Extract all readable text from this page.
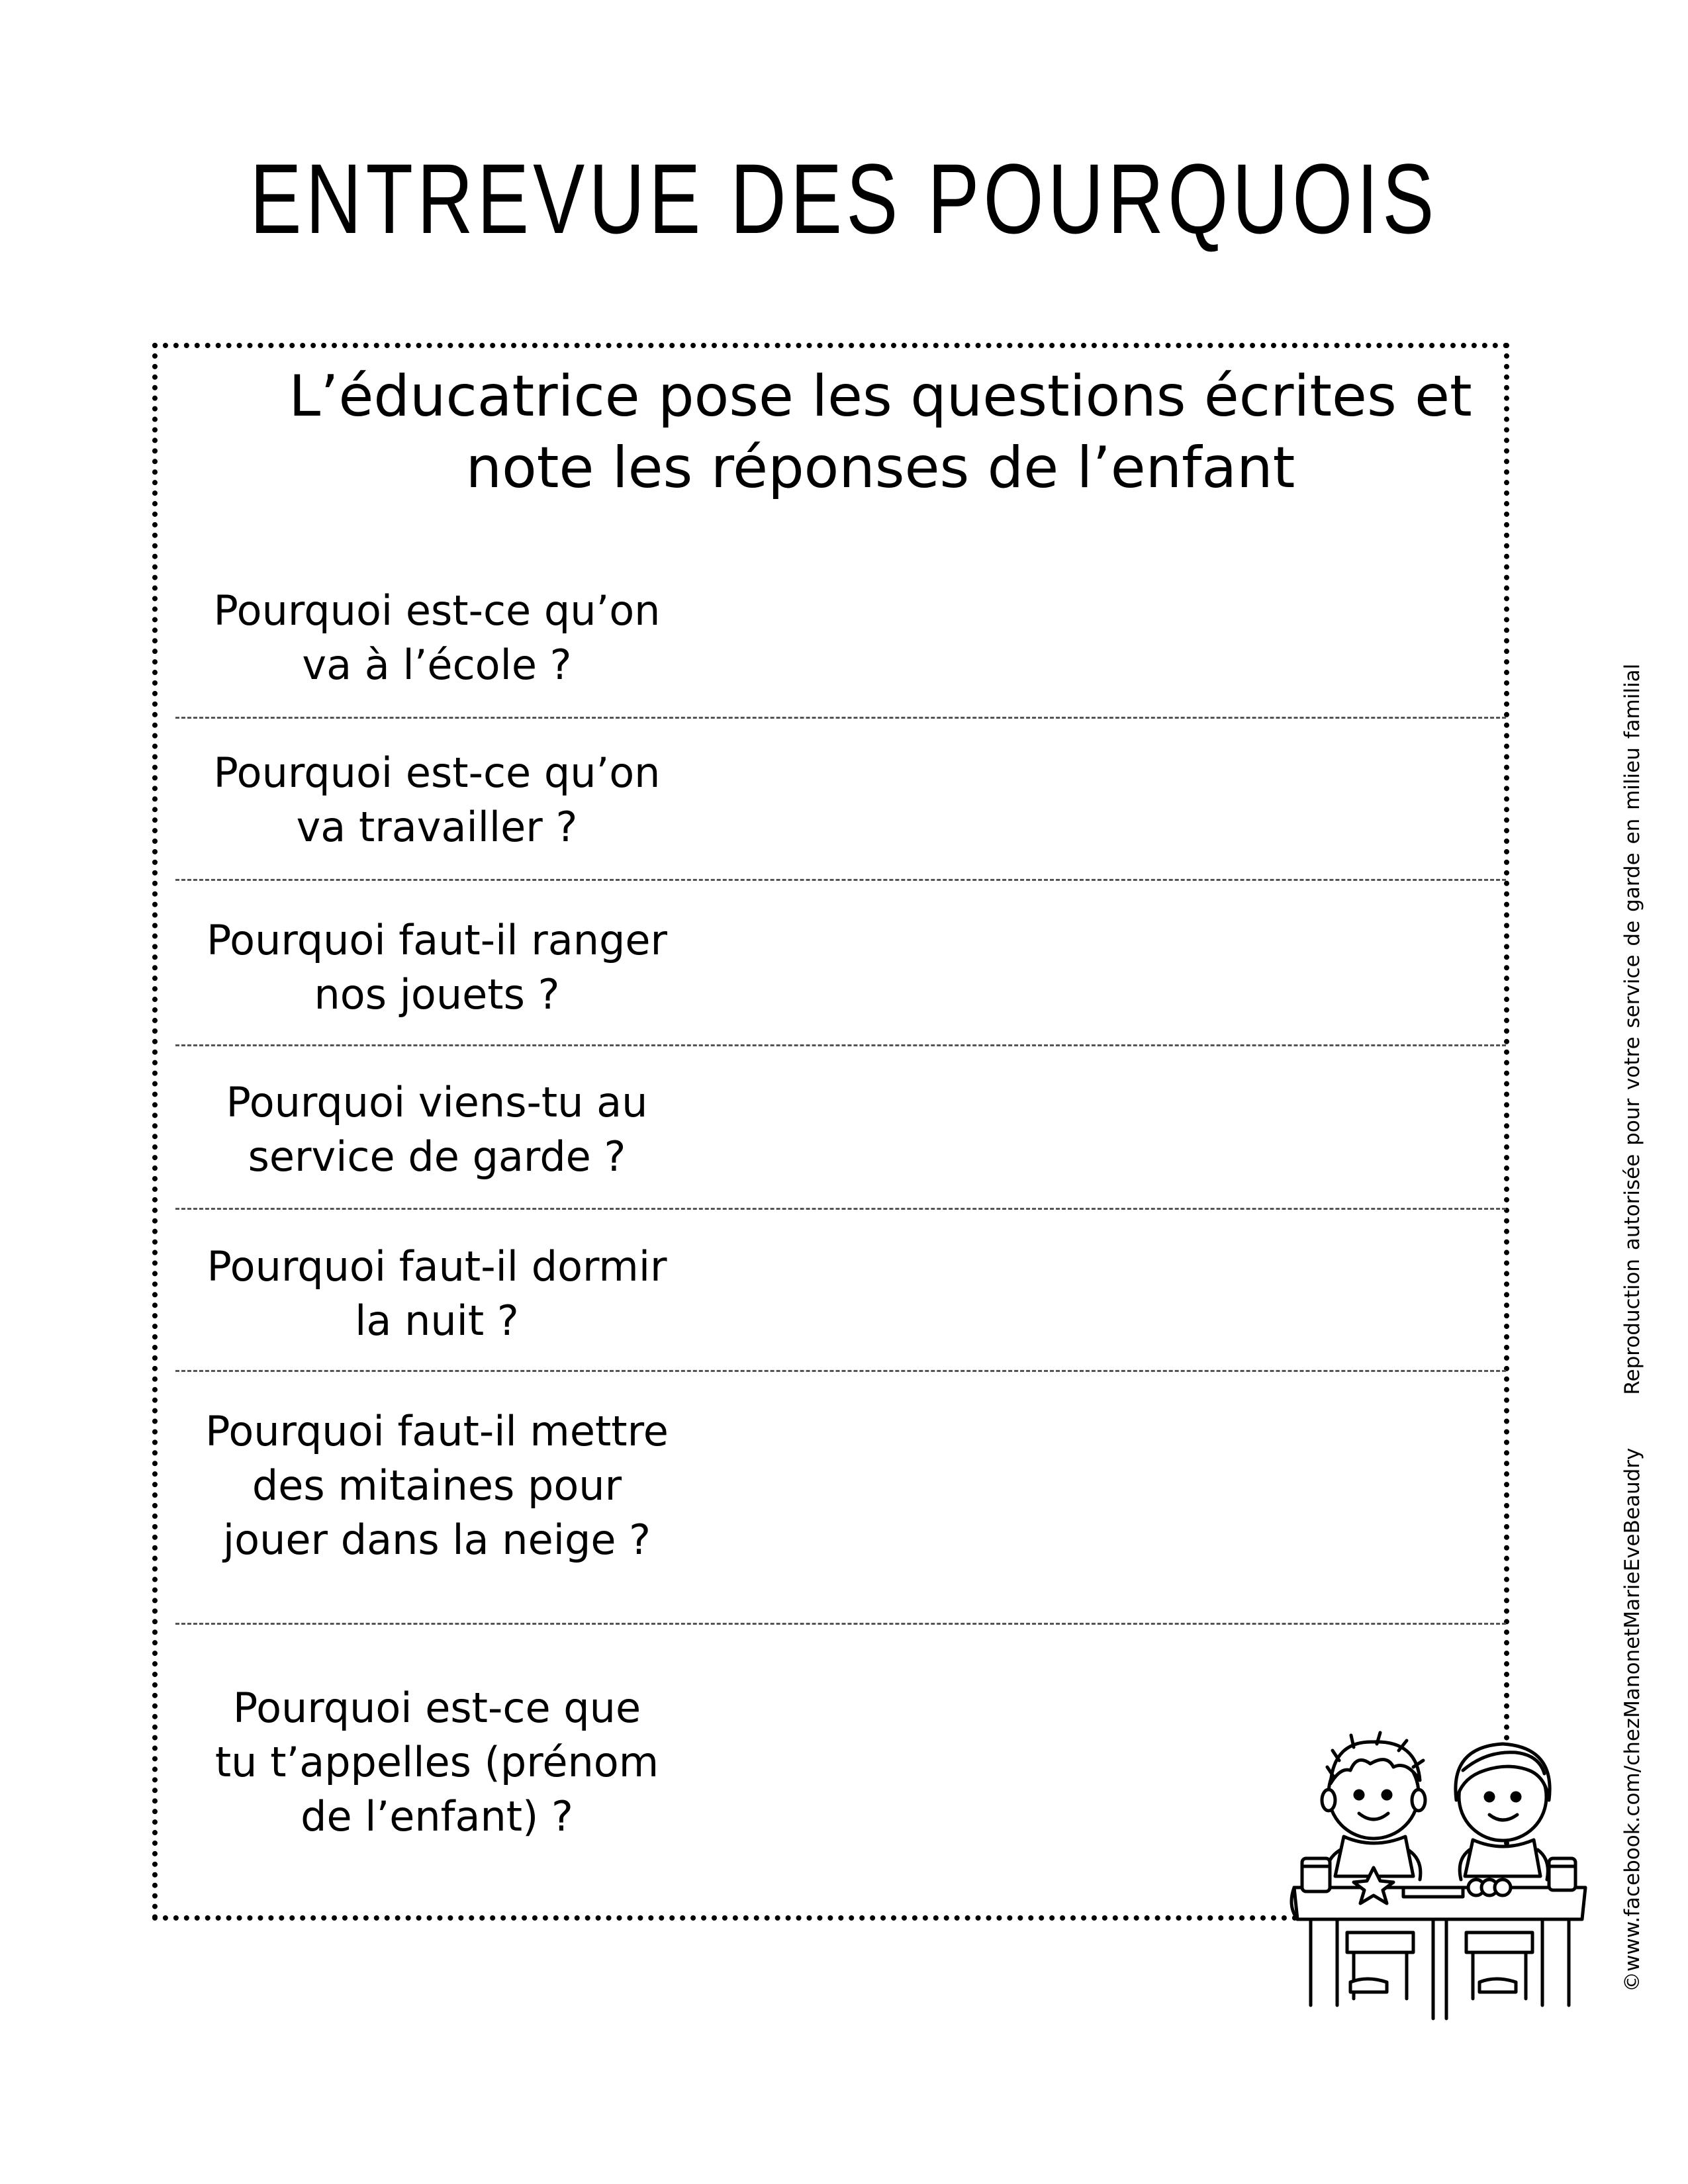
ENTREVUE DES POURQUOIS
L’éducatrice pose les questions écrites et
note les réponses de l’enfant
Pourquoi est-ce qu’on
va à l’école ?
Pourquoi est-ce qu’on
va travailler ?
Pourquoi faut-il ranger
nos jouets ?
Pourquoi viens-tu au
service de garde ?
Pourquoi faut-il dormir
la nuit ?
Pourquoi faut-il mettre
des mitaines pour
jouer dans la neige ?
Pourquoi est-ce que
tu t’appelles (prénom
de l’enfant) ?	©www.facebook.com/chezManonetMarieEveBeaudryReproduction autorisée pour votre service de garde en milieu familial
